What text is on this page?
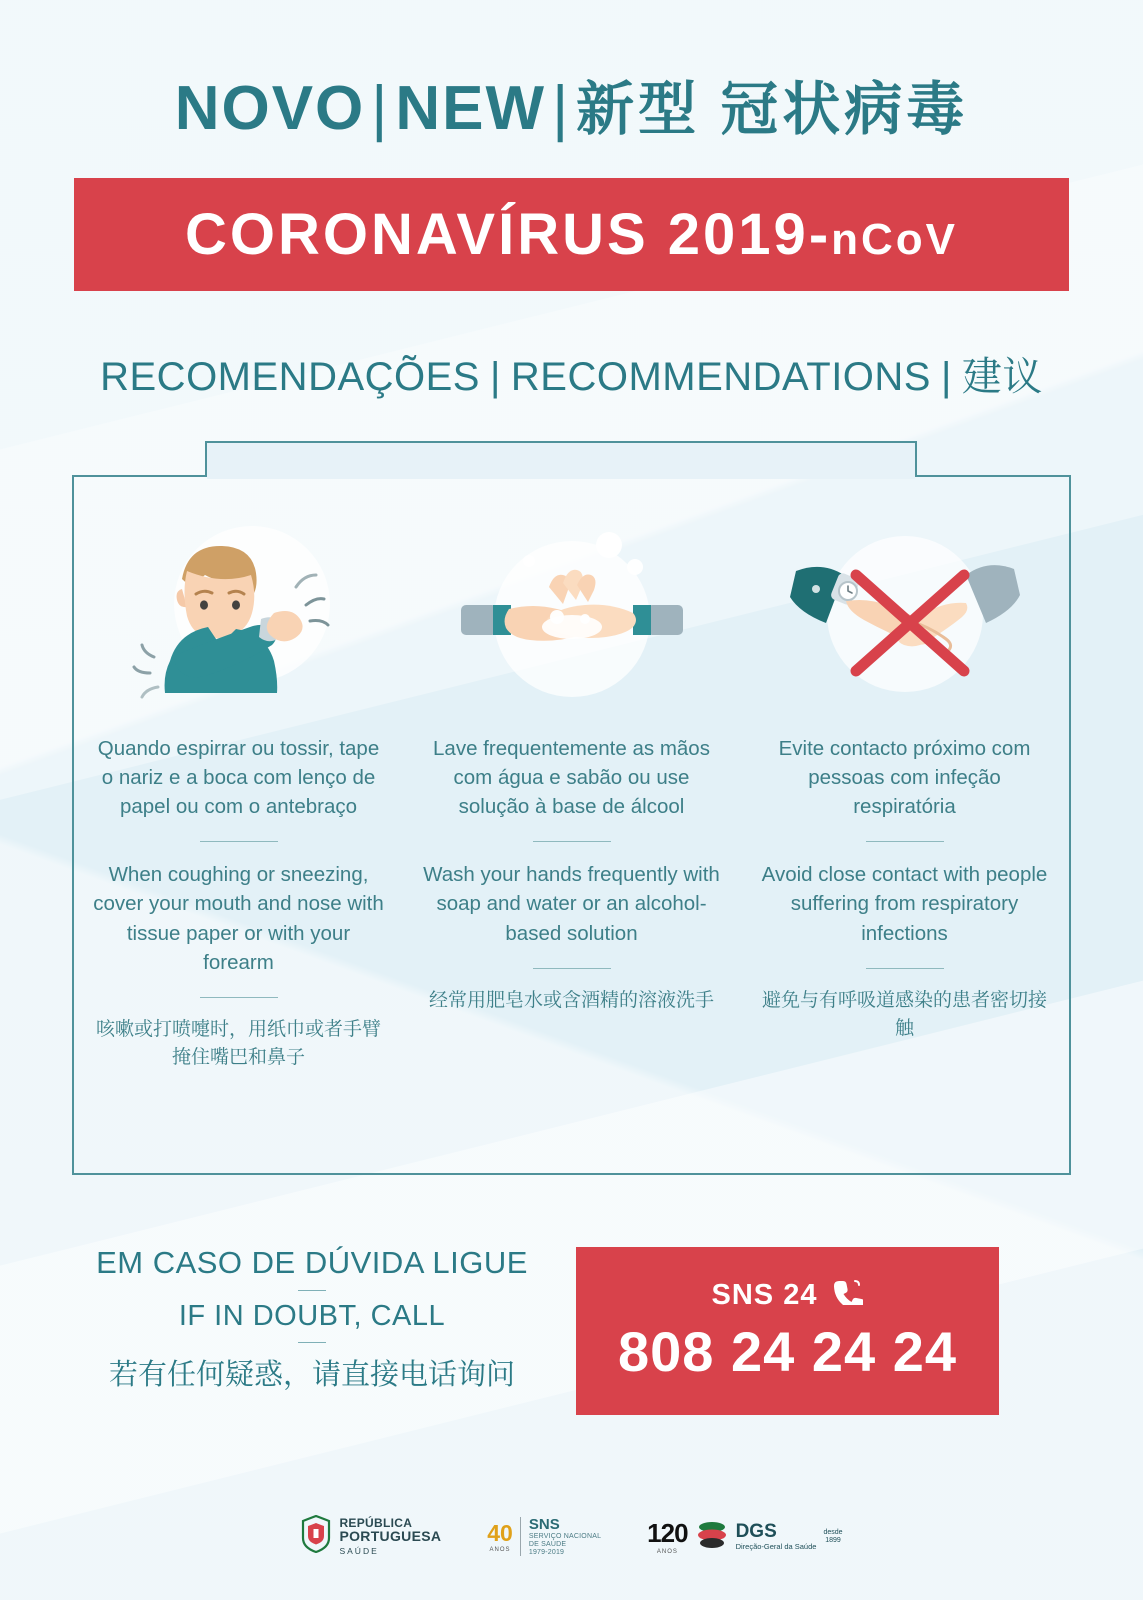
NOVO|NEW| 新型 冠状病毒
CORONAVÍRUS 2019-nCoV
RECOMENDAÇÕES | RECOMMENDATIONS | 建议
Quando espirrar ou tossir, tape o nariz e a boca com lenço de papel ou com o antebraço
When coughing or sneezing, cover your mouth and nose with tissue paper or with your forearm
咳嗽或打喷嚏时，用纸巾或者手臂掩住嘴巴和鼻子
Lave frequentemente as mãos com água e sabão ou use solução à base de álcool
Wash your hands frequently with soap and water or an alcohol-based solution
经常用肥皂水或含酒精的溶液洗手
Evite contacto próximo com pessoas com infeção respiratória
Avoid close contact with people suffering from respiratory infections
避免与有呼吸道感染的患者密切接触
EM CASO DE DÚVIDA LIGUE
IF IN DOUBT, CALL
若有任何疑惑，请直接电话询问
SNS 24
808 24 24 24
REPÚBLICA
PORTUGUESA
SAÚDE
40
ANOS
SNS
SERVIÇO NACIONAL
DE SAÚDE
1979-2019
120
ANOS
DGS
Direção-Geral da Saúde
desde
1899
